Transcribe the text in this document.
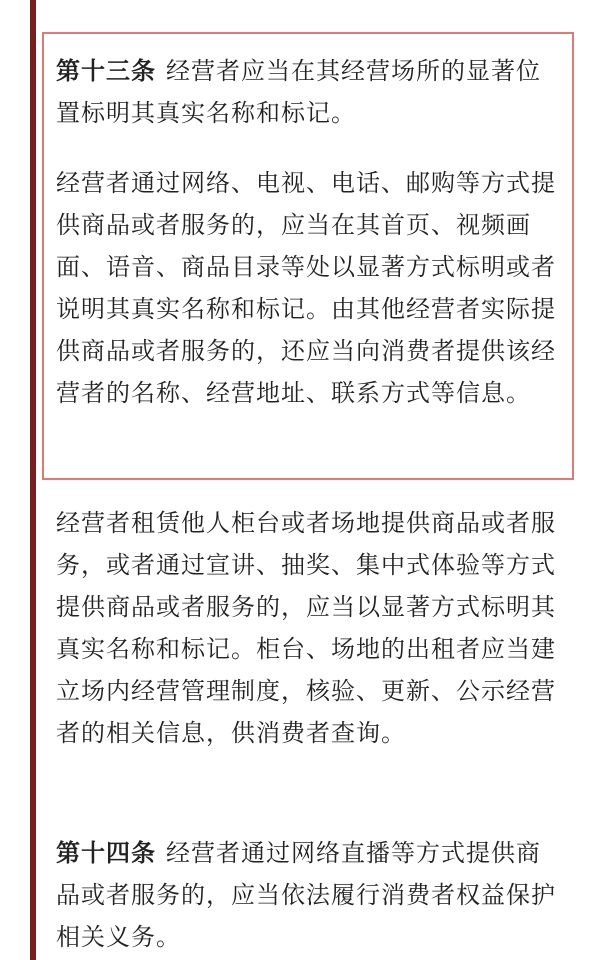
第十三条 经营者应当在其经营场所的显著位置标明其真实名称和标记。

经营者通过网络、电视、电话、邮购等方式提供商品或者服务的，应当在其首页、视频画面、语音、商品目录等处以显著方式标明或者说明其真实名称和标记。由其他经营者实际提供商品或者服务的，还应当向消费者提供该经营者的名称、经营地址、联系方式等信息。

经营者租赁他人柜台或者场地提供商品或者服务，或者通过宣讲、抽奖、集中式体验等方式提供商品或者服务的，应当以显著方式标明其真实名称和标记。柜台、场地的出租者应当建立场内经营管理制度，核验、更新、公示经营者的相关信息，供消费者查询。

第十四条 经营者通过网络直播等方式提供商品或者服务的，应当依法履行消费者权益保护相关义务。
